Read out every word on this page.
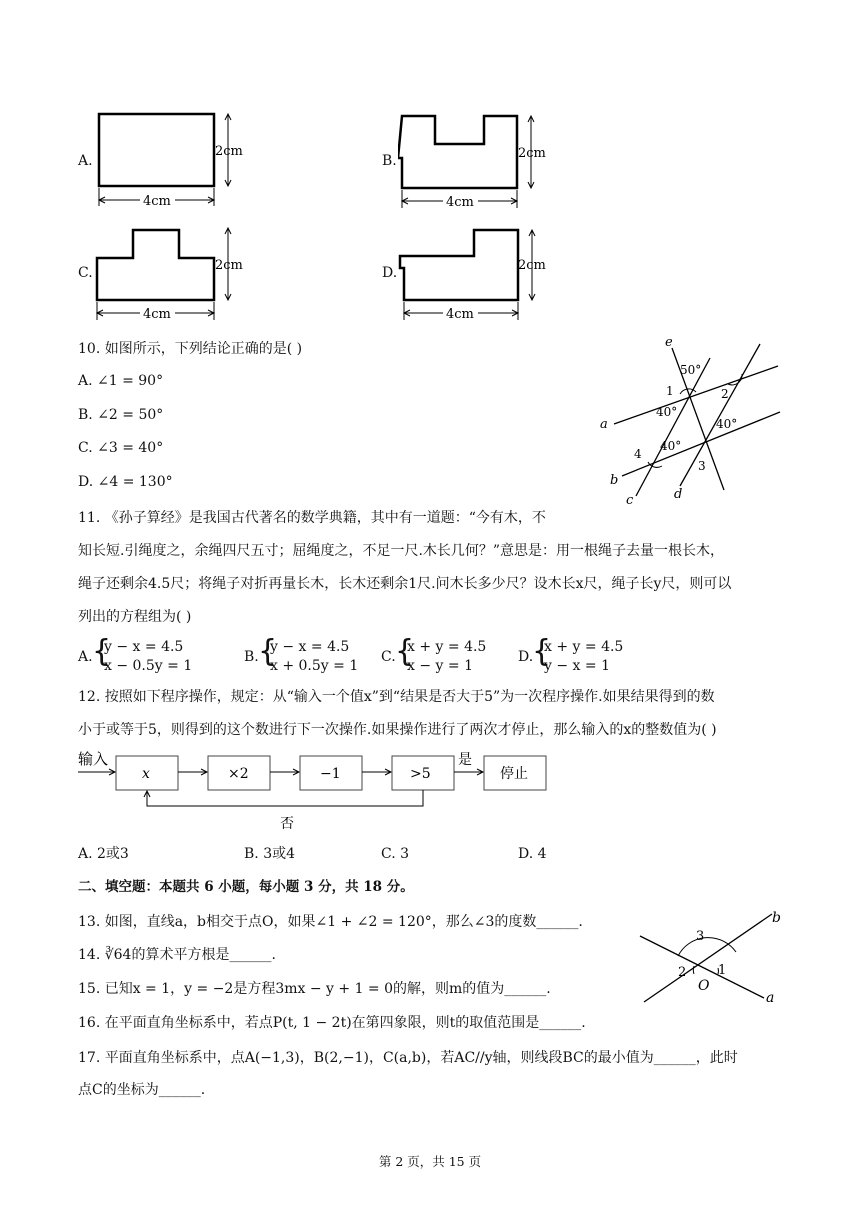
A.
2cm
4cm
B.	2cm
4cm
C.	2cm
4cm
D.	2cm
4cm
10. 如图所示，下列结论正确的是( )
A. ∠1 = 90°
B. ∠2 = 50°
C. ∠3 = 40°
D. ∠4 = 130°
e
a
b
c	d
1	2
3
4
50°
40°
40°
40°
11. 《孙子算经》是我国古代著名的数学典籍，其中有一道题：“今有木，不
知长短.引绳度之，余绳四尺五寸；屈绳度之，不足一尺.木长几何？”意思是：用一根绳子去量一根长木，
绳子还剩余4.5尺；将绳子对折再量长木，长木还剩余1尺.问木长多少尺？设木长x尺，绳子长y尺，则可以
列出的方程组为( )
A. {
y − x = 4.5
x − 0.5y = 1
B. {
y − x = 4.5
x + 0.5y = 1
C. {
x + y = 4.5
x − y = 1
D.
{
x + y = 4.5
y − x = 1
12. 按照如下程序操作，规定：从“输入一个值x”到“结果是否大于5”为一次程序操作.如果结果得到的数
小于或等于5，则得到的这个数进行下一次操作.如果操作进行了两次才停止，那么输入的x的整数值为( )
输入
x	×2	−1	>5
是
停止
否
A. 2或3	B. 3或4	C. 3	D. 4
二、填空题：本题共 6 小题，每小题 3 分，共 18 分。
13. 如图，直线a，b相交于点O，如果∠1 + ∠2 = 120°，那么∠3的度数______.
14. ∛64的算术平方根是______.
15. 已知x = 1，y = −2是方程3mx − y + 1 = 0的解，则m的值为______.
16. 在平面直角坐标系中，若点P(t, 1 − 2t)在第四象限，则t的取值范围是______.
17. 平面直角坐标系中，点A(−1,3)，B(2,−1)，C(a,b)，若AC//y轴，则线段BC的最小值为______，此时
点C的坐标为______.
b
a
O
1
2
3
第 2 页，共 15 页
